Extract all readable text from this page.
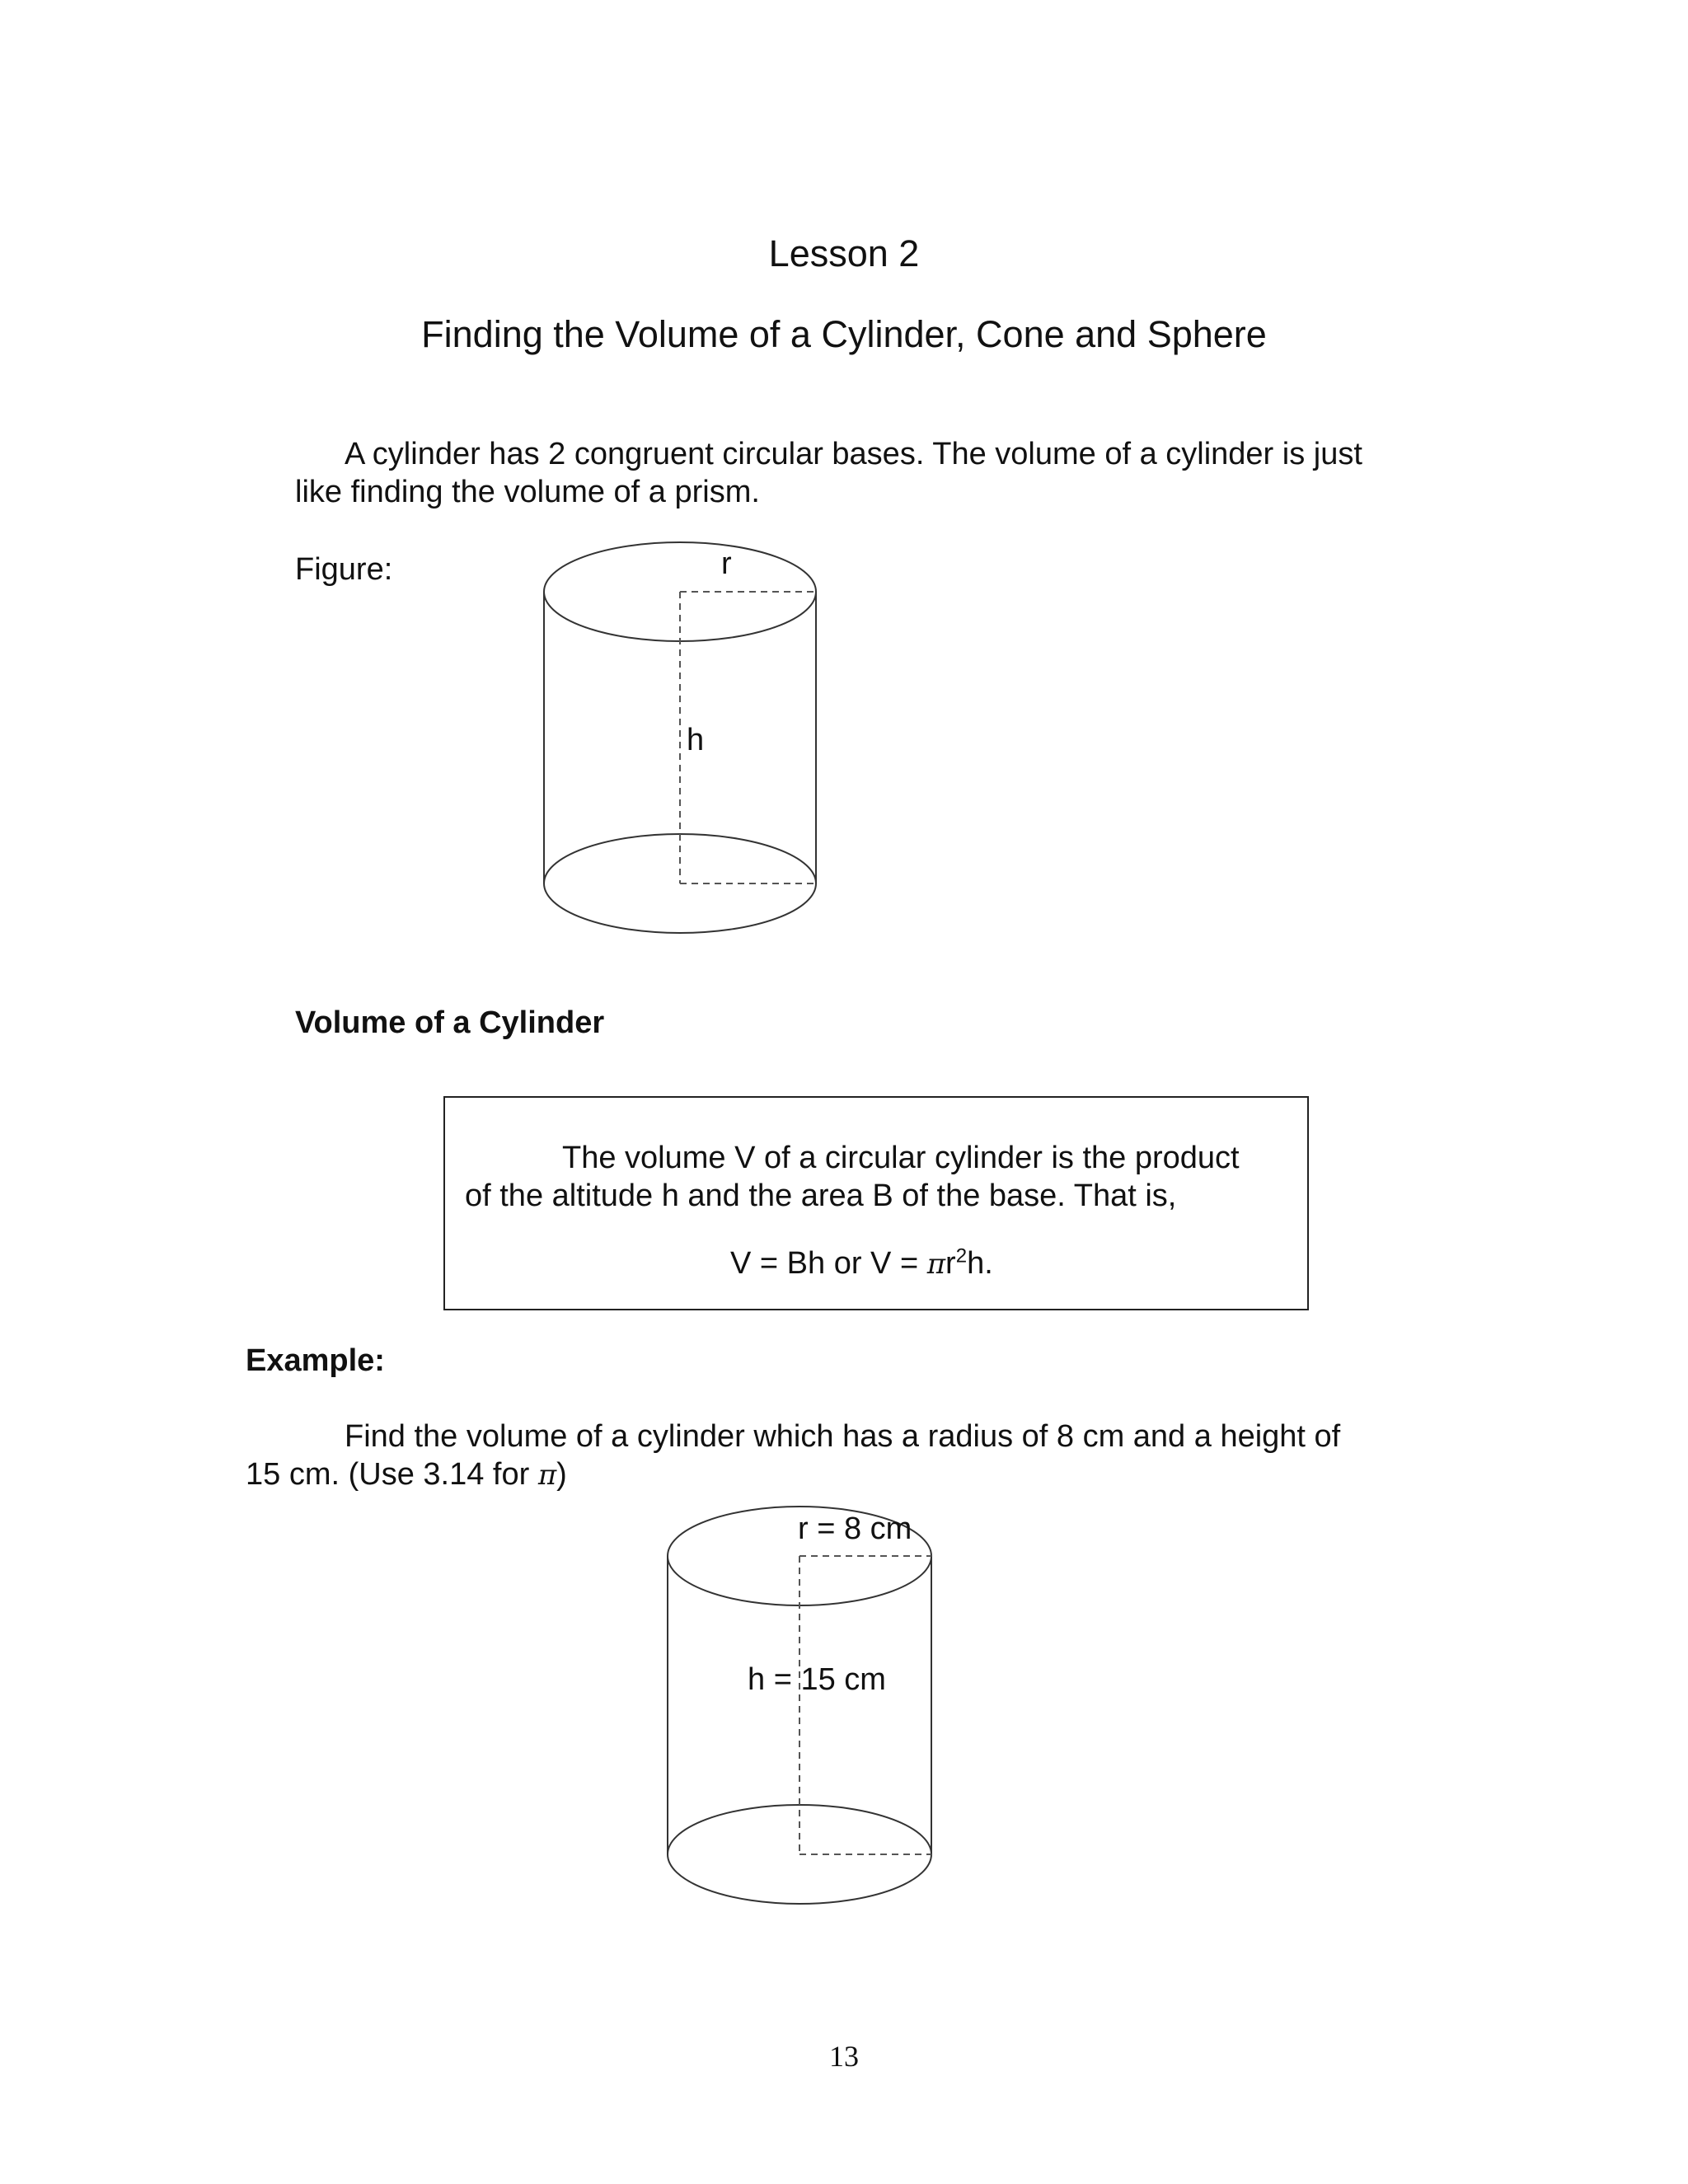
Lesson 2
Finding the Volume of a Cylinder, Cone and Sphere
A cylinder has 2 congruent circular bases. The volume of a cylinder is just
like finding the volume of a prism.
Figure:	r
h
Volume of a Cylinder
The volume V of a circular cylinder is the product
of the altitude h and the area B of the base. That is,
V = Bh or $V = \pi r^2h$.
Example:
Find the volume of a cylinder which has a radius of 8 cm and a height of
15 cm. (Use 3.14 for π)
r = 8 cm
h = 15 cm
13
